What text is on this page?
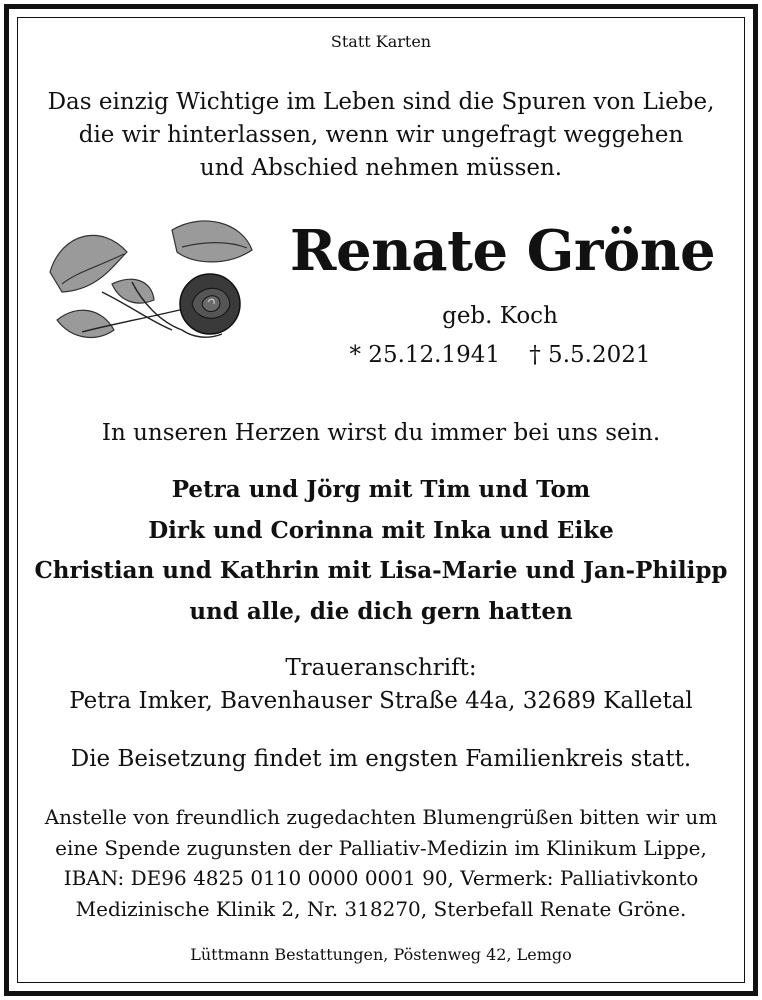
Statt Karten
Das einzig Wichtige im Leben sind die Spuren von Liebe,
die wir hinterlassen, wenn wir ungefragt weggehen
und Abschied nehmen müssen.
Renate Gröne
geb. Koch
* 25.12.1941    † 5.5.2021
In unseren Herzen wirst du immer bei uns sein.
Petra und Jörg mit Tim und Tom
Dirk und Corinna mit Inka und Eike
Christian und Kathrin mit Lisa-Marie und Jan-Philipp
und alle, die dich gern hatten
Traueranschrift:
Petra Imker, Bavenhauser Straße 44a, 32689 Kalletal
Die Beisetzung findet im engsten Familienkreis statt.
Anstelle von freundlich zugedachten Blumengrüßen bitten wir um
eine Spende zugunsten der Palliativ-Medizin im Klinikum Lippe,
IBAN: DE96 4825 0110 0000 0001 90, Vermerk: Palliativkonto
Medizinische Klinik 2, Nr. 318270, Sterbefall Renate Gröne.
Lüttmann Bestattungen, Pöstenweg 42, Lemgo
